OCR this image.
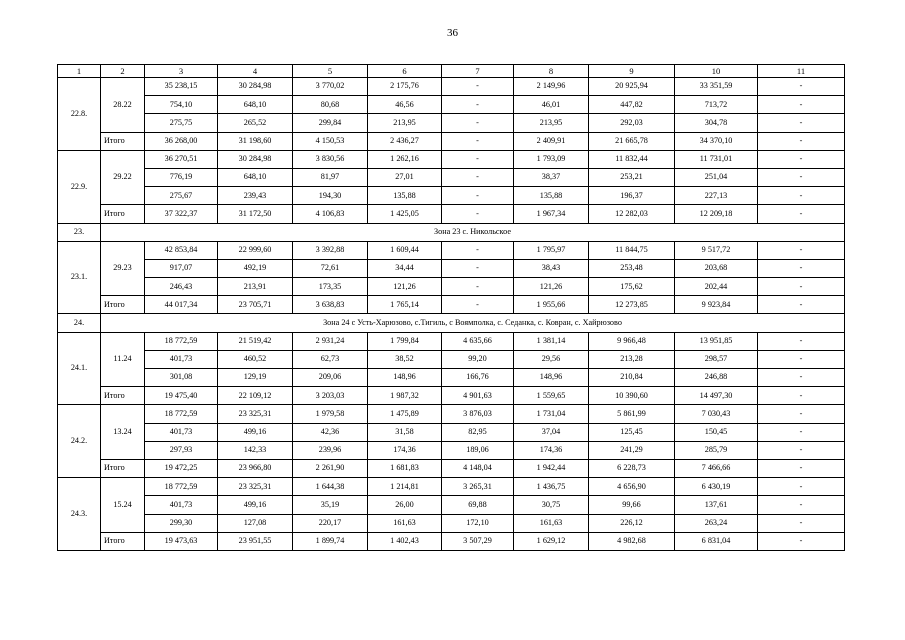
36
1	2	3	4	5	6	7	8	9	10	11
22.8.	28.22	35 238,15	30 284,98	3 770,02	2 175,76	-	2 149,96	20 925,94	33 351,59	-
		754,10	648,10	80,68	46,56	-	46,01	447,82	713,72	-
		275,75	265,52	299,84	213,95	-	213,95	292,03	304,78	-
	Итого	36 268,00	31 198,60	4 150,53	2 436,27	-	2 409,91	21 665,78	34 370,10	-
22.9.	29.22	36 270,51	30 284,98	3 830,56	1 262,16	-	1 793,09	11 832,44	11 731,01	-
		776,19	648,10	81,97	27,01	-	38,37	253,21	251,04	-
		275,67	239,43	194,30	135,88	-	135,88	196,37	227,13	-
	Итого	37 322,37	31 172,50	4 106,83	1 425,05	-	1 967,34	12 282,03	12 209,18	-
23.	Зона 23 с. Никольское									
23.1.	29.23	42 853,84	22 999,60	3 392,88	1 609,44	-	1 795,97	11 844,75	9 517,72	-
		917,07	492,19	72,61	34,44	-	38,43	253,48	203,68	-
		246,43	213,91	173,35	121,26	-	121,26	175,62	202,44	-
	Итого	44 017,34	23 705,71	3 638,83	1 765,14	-	1 955,66	12 273,85	9 923,84	-
24.	Зона 24 с Усть-Харюзово, с.Тигиль, с Воямполка, с. Седанка, с. Ковран, с. Хайрюзово									
24.1.	11.24	18 772,59	21 519,42	2 931,24	1 799,84	4 635,66	1 381,14	9 966,48	13 951,85	-
		401,73	460,52	62,73	38,52	99,20	29,56	213,28	298,57	-
		301,08	129,19	209,06	148,96	166,76	148,96	210,84	246,88	-
	Итого	19 475,40	22 109,12	3 203,03	1 987,32	4 901,63	1 559,65	10 390,60	14 497,30	-
24.2.	13.24	18 772,59	23 325,31	1 979,58	1 475,89	3 876,03	1 731,04	5 861,99	7 030,43	-
		401,73	499,16	42,36	31,58	82,95	37,04	125,45	150,45	-
		297,93	142,33	239,96	174,36	189,06	174,36	241,29	285,79	-
	Итого	19 472,25	23 966,80	2 261,90	1 681,83	4 148,04	1 942,44	6 228,73	7 466,66	-
24.3.	15.24	18 772,59	23 325,31	1 644,38	1 214,81	3 265,31	1 436,75	4 656,90	6 430,19	-
		401,73	499,16	35,19	26,00	69,88	30,75	99,66	137,61	-
		299,30	127,08	220,17	161,63	172,10	161,63	226,12	263,24	-
	Итого	19 473,63	23 951,55	1 899,74	1 402,43	3 507,29	1 629,12	4 982,68	6 831,04	-
